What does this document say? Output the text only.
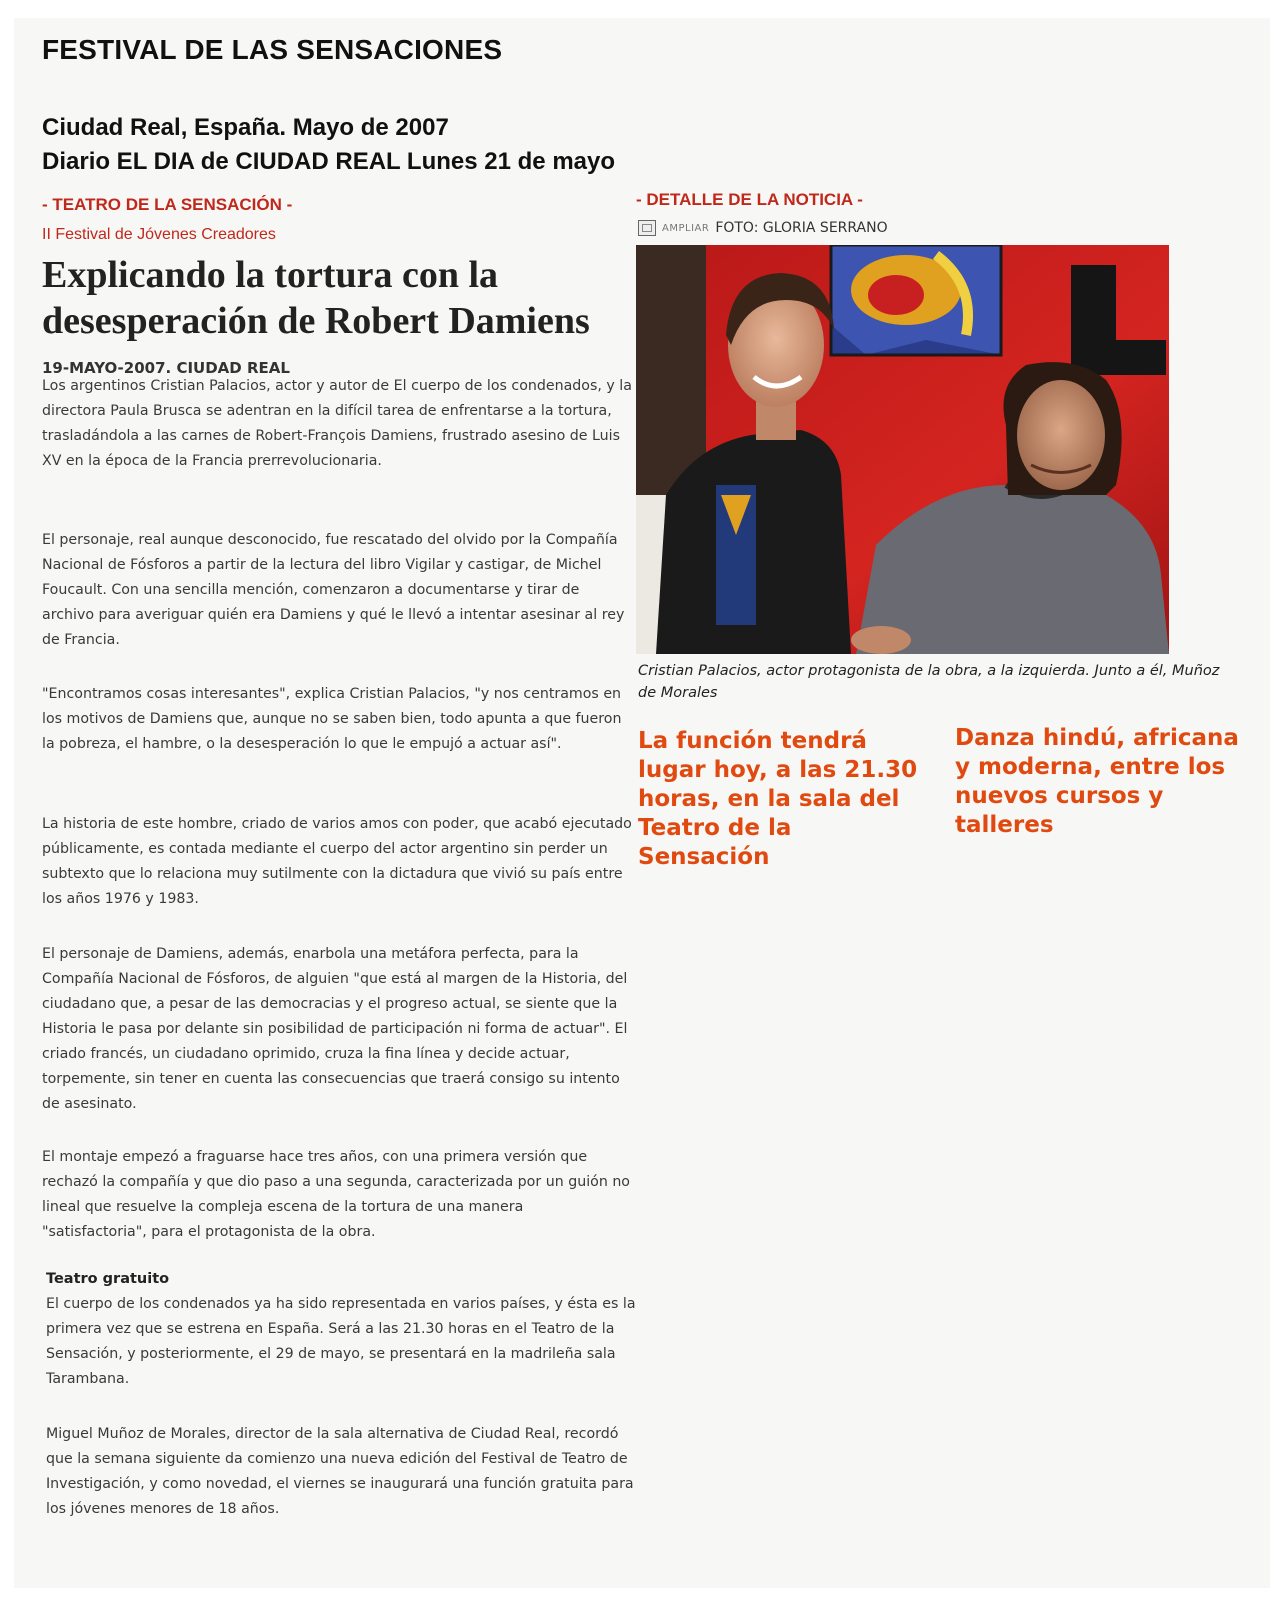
FESTIVAL DE LAS SENSACIONES
Ciudad Real, España. Mayo de 2007
Diario EL DIA de CIUDAD REAL Lunes 21 de mayo
- TEATRO DE LA SENSACIÓN -
II Festival de Jóvenes Creadores
Explicando la tortura con la desesperación de Robert Damiens
19-MAYO-2007. CIUDAD REAL

Los argentinos Cristian Palacios, actor y autor de El cuerpo de los condenados, y la directora Paula Brusca se adentran en la difícil tarea de enfrentarse a la tortura, trasladándola a las carnes de Robert-François Damiens, frustrado asesino de Luis XV en la época de la Francia prerrevolucionaria.

El personaje, real aunque desconocido, fue rescatado del olvido por la Compañía Nacional de Fósforos a partir de la lectura del libro Vigilar y castigar, de Michel Foucault. Con una sencilla mención, comenzaron a documentarse y tirar de archivo para averiguar quién era Damiens y qué le llevó a intentar asesinar al rey de Francia.

"Encontramos cosas interesantes", explica Cristian Palacios, "y nos centramos en los motivos de Damiens que, aunque no se saben bien, todo apunta a que fueron la pobreza, el hambre, o la desesperación lo que le empujó a actuar así".

La historia de este hombre, criado de varios amos con poder, que acabó ejecutado públicamente, es contada mediante el cuerpo del actor argentino sin perder un subtexto que lo relaciona muy sutilmente con la dictadura que vivió su país entre los años 1976 y 1983.

El personaje de Damiens, además, enarbola una metáfora perfecta, para la Compañía Nacional de Fósforos, de alguien "que está al margen de la Historia, del ciudadano que, a pesar de las democracias y el progreso actual, se siente que la Historia le pasa por delante sin posibilidad de participación ni forma de actuar". El criado francés, un ciudadano oprimido, cruza la fina línea y decide actuar, torpemente, sin tener en cuenta las consecuencias que traerá consigo su intento de asesinato.

El montaje empezó a fraguarse hace tres años, con una primera versión que rechazó la compañía y que dio paso a una segunda, caracterizada por un guión no lineal que resuelve la compleja escena de la tortura de una manera "satisfactoria", para el protagonista de la obra.

Teatro gratuito

El cuerpo de los condenados ya ha sido representada en varios países, y ésta es la primera vez que se estrena en España. Será a las 21.30 horas en el Teatro de la Sensación, y posteriormente, el 29 de mayo, se presentará en la madrileña sala Tarambana.

Miguel Muñoz de Morales, director de la sala alternativa de Ciudad Real, recordó que la semana siguiente da comienzo una nueva edición del Festival de Teatro de Investigación, y como novedad, el viernes se inaugurará una función gratuita para los jóvenes menores de 18 años.

- DETALLE DE LA NOTICIA -
AMPLIAR FOTO: GLORIA SERRANO
Cristian Palacios, actor protagonista de la obra, a la izquierda. Junto a él, Muñoz de Morales
La función tendrá lugar hoy, a las 21.30 horas, en la sala del Teatro de la Sensación
Danza hindú, africana y moderna, entre los nuevos cursos y talleres
